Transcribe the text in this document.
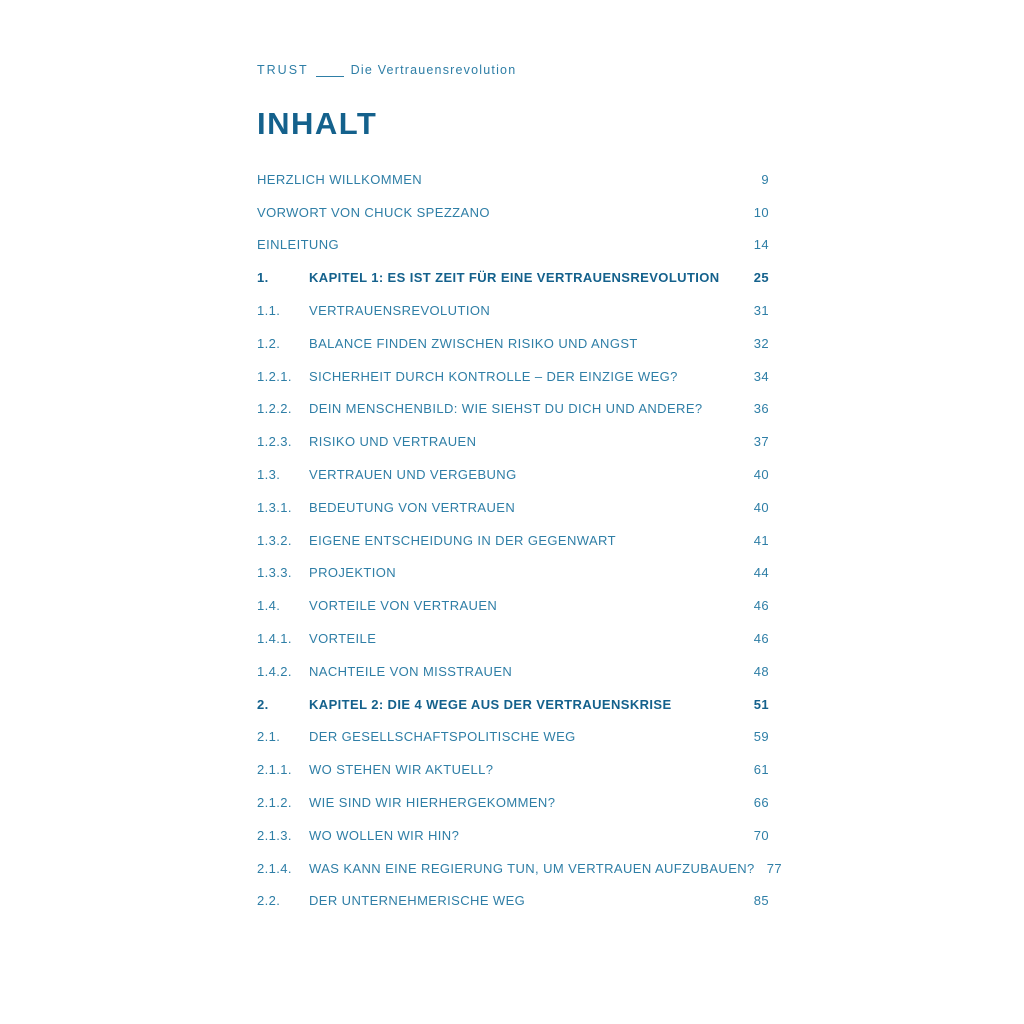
TRUST	Die Vertrauensrevolution
INHALT
HERZLICH WILLKOMMEN	9
VORWORT VON CHUCK SPEZZANO	10
EINLEITUNG	14
1.	KAPITEL 1: ES IST ZEIT FÜR EINE VERTRAUENSREVOLUTION	25
1.1.	VERTRAUENSREVOLUTION	31
1.2.	BALANCE FINDEN ZWISCHEN RISIKO UND ANGST	32
1.2.1.	SICHERHEIT DURCH KONTROLLE – DER EINZIGE WEG?	34
1.2.2.	DEIN MENSCHENBILD: WIE SIEHST DU DICH UND ANDERE?	36
1.2.3.	RISIKO UND VERTRAUEN	37
1.3.	VERTRAUEN UND VERGEBUNG	40
1.3.1.	BEDEUTUNG VON VERTRAUEN	40
1.3.2.	EIGENE ENTSCHEIDUNG IN DER GEGENWART	41
1.3.3.	PROJEKTION	44
1.4.	VORTEILE VON VERTRAUEN	46
1.4.1.	VORTEILE	46
1.4.2.	NACHTEILE VON MISSTRAUEN	48
2.	KAPITEL 2: DIE 4 WEGE AUS DER VERTRAUENSKRISE	51
2.1.	DER GESELLSCHAFTSPOLITISCHE WEG	59
2.1.1.	WO STEHEN WIR AKTUELL?	61
2.1.2.	WIE SIND WIR HIERHERGEKOMMEN?	66
2.1.3.	WO WOLLEN WIR HIN?	70
2.1.4.	WAS KANN EINE REGIERUNG TUN, UM VERTRAUEN AUFZUBAUEN? 77
2.2.	DER UNTERNEHMERISCHE WEG	85
